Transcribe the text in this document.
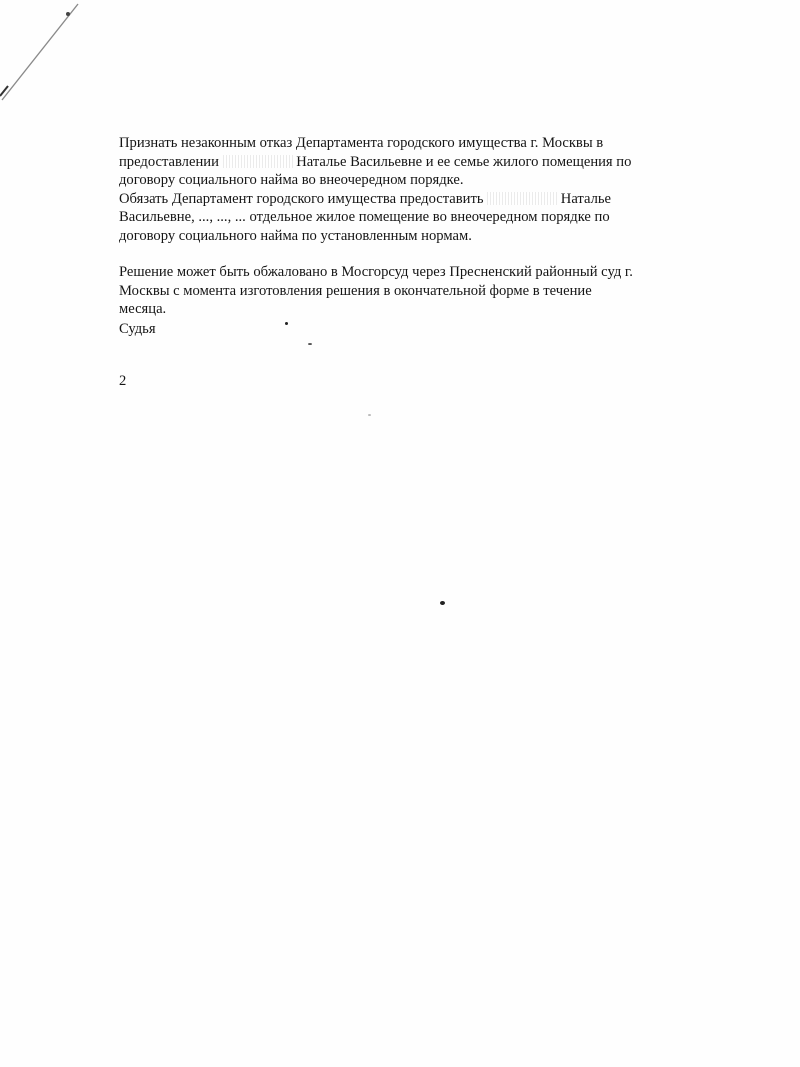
Признать незаконным отказ Департамента городского имущества г. Москвы в
предоставлении	Наталье Васильевне и ее семье жилого помещения по
договору социального найма во внеочередном порядке.
Обязать Департамент городского имущества предоставить	Наталье
Васильевне, ..., ..., ... отдельное жилое помещение во внеочередном порядке по
договору социального найма по установленным нормам.
Решение может быть обжаловано в Мосгорсуд через Пресненский районный суд г.
Москвы с момента изготовления решения в окончательной форме в течение
месяца.
Судья
2
